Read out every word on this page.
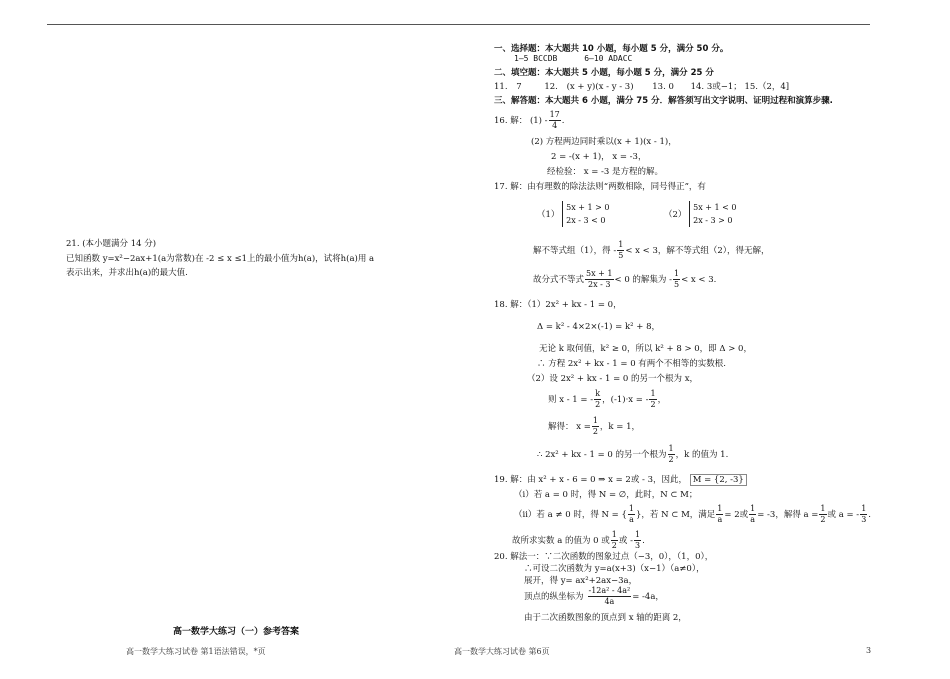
21. (本小题满分 14 分)
已知函数 y=x²−2ax+1(a为常数)在 -2 ≤ x ≤1上的最小值为h(a)，试将h(a)用 a
表示出来，并求出h(a)的最大值.
高一数学大练习（一）参考答案
高一数学大练习试卷 第1语法错误，*页
一、选择题：本大题共 10 小题，每小题 5 分，满分 50 分。
1—5 BCCDB	6—10 ADACC
二、填空题：本大题共 5 小题，每小题 5 分，满分 25 分
11. 7	12. (x + y)(x - y - 3) 13. 0 14. 3或−1； 15.（2，4]
三、解答题：本大题共 6 小题，满分 75 分．解答须写出文字说明、证明过程和演算步骤.
16. 解： $(1) - \frac{17}{4}$ .
(2) 方程两边同时乘以(x + 1)(x - 1)，
2 = -(x + 1)， x = -3，
经检验： x = -3 是方程的解。
17. 解：由有理数的除法法则“两数相除，同号得正”，有
（1） 5x + 1 > 0
2x - 3 < 0
（2） 5x + 1 < 0
2x - 3 > 0
解不等式组（1），得 - $\frac{1}{5} < x < 3$，解不等式组（2），得无解，
故分式不等式 $\frac{5x + 1}{2x - 3} < 0$ 的解集为 - $\frac{1}{5} < x < 3$.
18. 解：（1）2x² + kx - 1 = 0，
Δ = k² - 4×2×(-1) = k² + 8，
无论 k 取何值，k² ≥ 0，所以 k² + 8 > 0，即 Δ > 0，
∴ 方程 2x² + kx - 1 = 0 有两个不相等的实数根.
（2）设 2x² + kx - 1 = 0 的另一个根为 x，
则 x - 1 = - $\frac{k}{2}$ ，(-1)·x = - $\frac{1}{2}$ ，
解得： $x = \frac{1}{2}$ ，k = 1，
∴ 2x² + kx - 1 = 0 的另一个根为 $\frac{1}{2}$ ，k 的值为 1.
19. 解：由 x² + x - 6 = 0 ⇒ x = 2或 - 3，因此， M = {2, -3}
（i）若 a = 0 时，得 N = ∅，此时，N ⊂ M；
（ii）若 a ≠ 0 时，得 N = { $\frac{1}{a}$ }，若 N ⊂ M，满足 $\frac{1}{a} = 2$或 $\frac{1}{a} = -3$，解得 $a = \frac{1}{2}$ 或 a = - $\frac{1}{3}$ .
故所求实数 a 的值为 0 或 $\frac{1}{2}$ 或 - $\frac{1}{3}$ .
20. 解法一：∵二次函数的图象过点（−3，0），（1，0），
∴可设二次函数为 y=a(x+3)（x−1）（a≠0），
展开，得 y= ax²+2ax−3a，
顶点的纵坐标为 $\frac{\text{-12a² - 4a²}}{4a} = -4a$，
由于二次函数图象的顶点到 x 轴的距离 2，
高一数学大练习试卷 第6页	3
